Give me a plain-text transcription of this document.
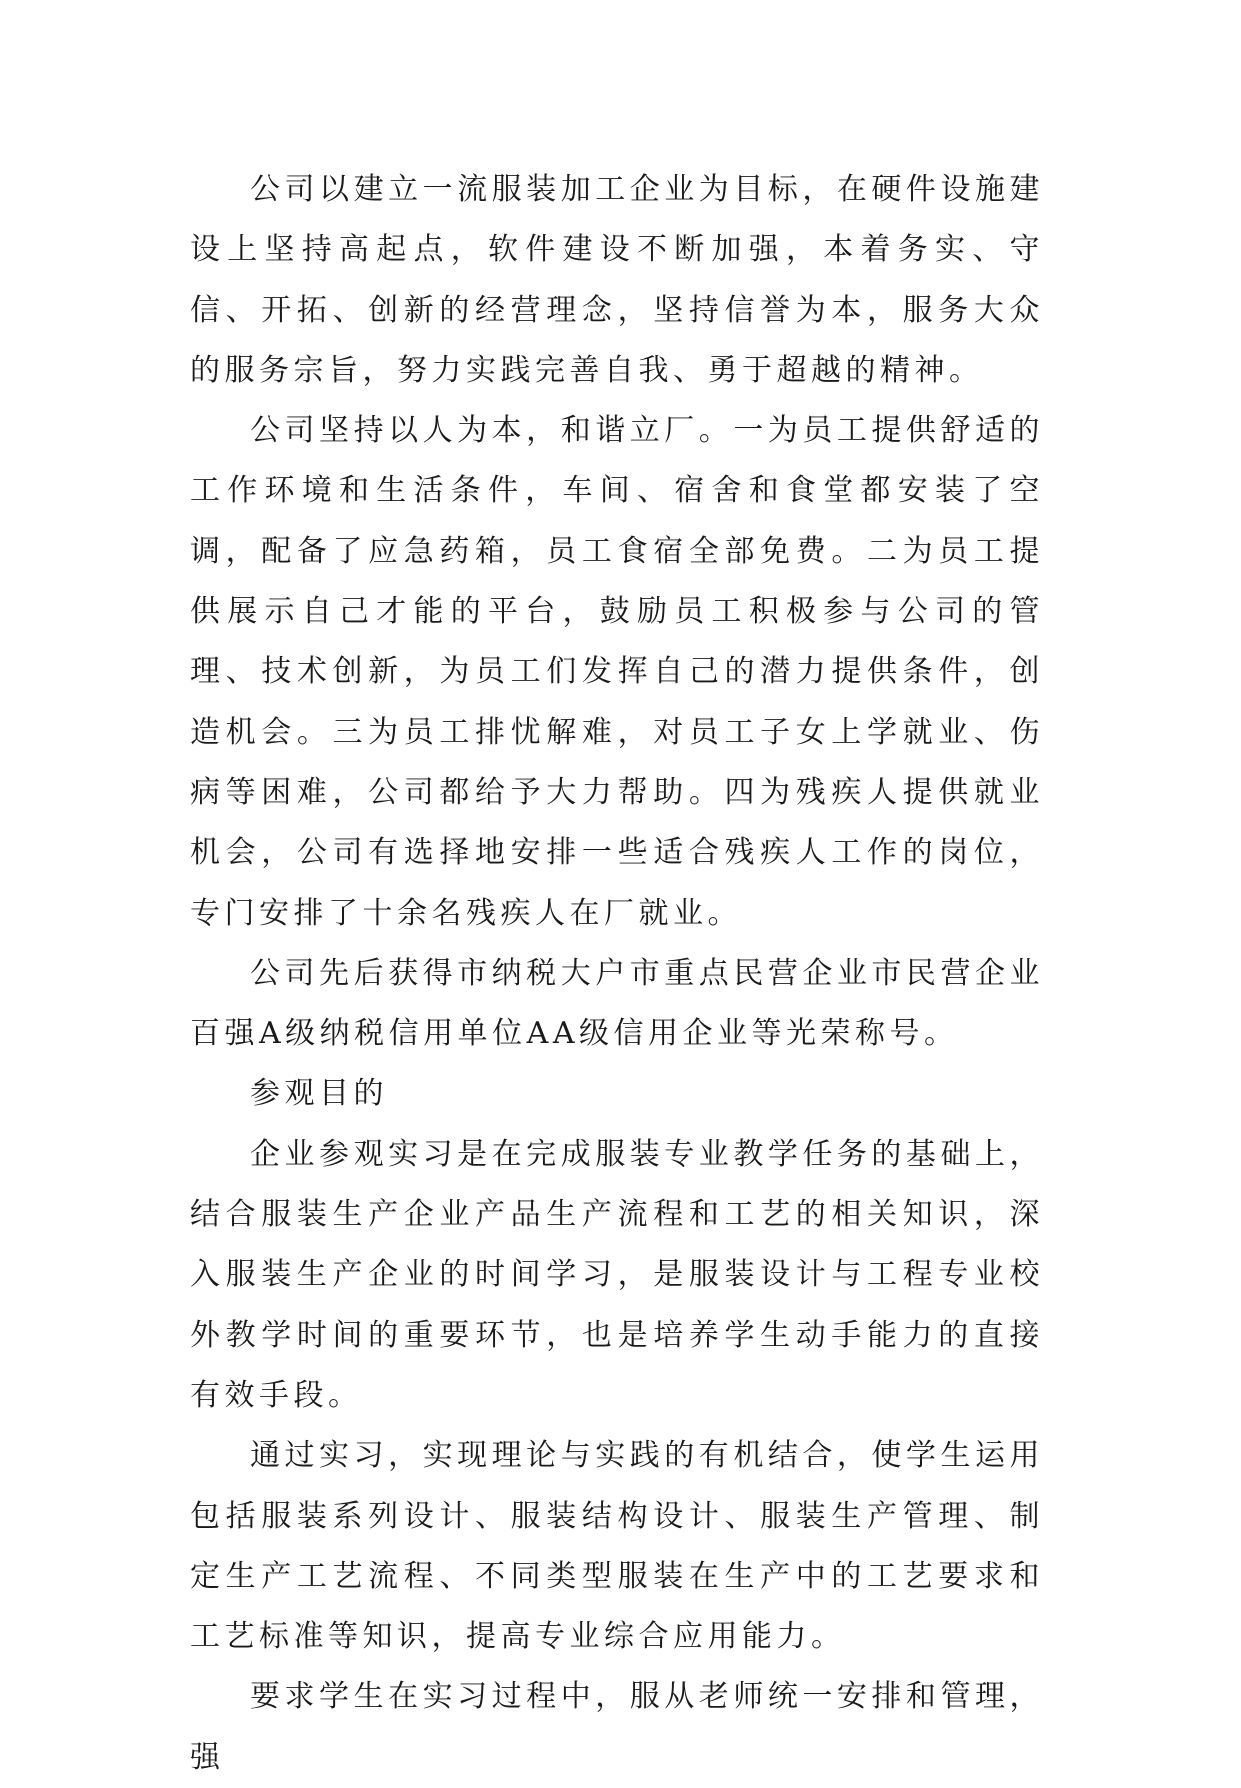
公司以建立一流服装加工企业为目标，在硬件设施建设上坚持高起点，软件建设不断加强，本着务实、守信、开拓、创新的经营理念，坚持信誉为本，服务大众的服务宗旨，努力实践完善自我、勇于超越的精神。

公司坚持以人为本，和谐立厂。一为员工提供舒适的工作环境和生活条件，车间、宿舍和食堂都安装了空调，配备了应急药箱，员工食宿全部免费。二为员工提供展示自己才能的平台，鼓励员工积极参与公司的管理、技术创新，为员工们发挥自己的潜力提供条件，创造机会。三为员工排忧解难，对员工子女上学就业、伤病等困难，公司都给予大力帮助。四为残疾人提供就业机会，公司有选择地安排一些适合残疾人工作的岗位，专门安排了十余名残疾人在厂就业。

公司先后获得市纳税大户市重点民营企业市民营企业百强A级纳税信用单位AA级信用企业等光荣称号。

参观目的

企业参观实习是在完成服装专业教学任务的基础上，结合服装生产企业产品生产流程和工艺的相关知识，深入服装生产企业的时间学习，是服装设计与工程专业校外教学时间的重要环节，也是培养学生动手能力的直接有效手段。

通过实习，实现理论与实践的有机结合，使学生运用包括服装系列设计、服装结构设计、服装生产管理、制定生产工艺流程、不同类型服装在生产中的工艺要求和工艺标准等知识，提高专业综合应用能力。

要求学生在实习过程中，服从老师统一安排和管理，强
